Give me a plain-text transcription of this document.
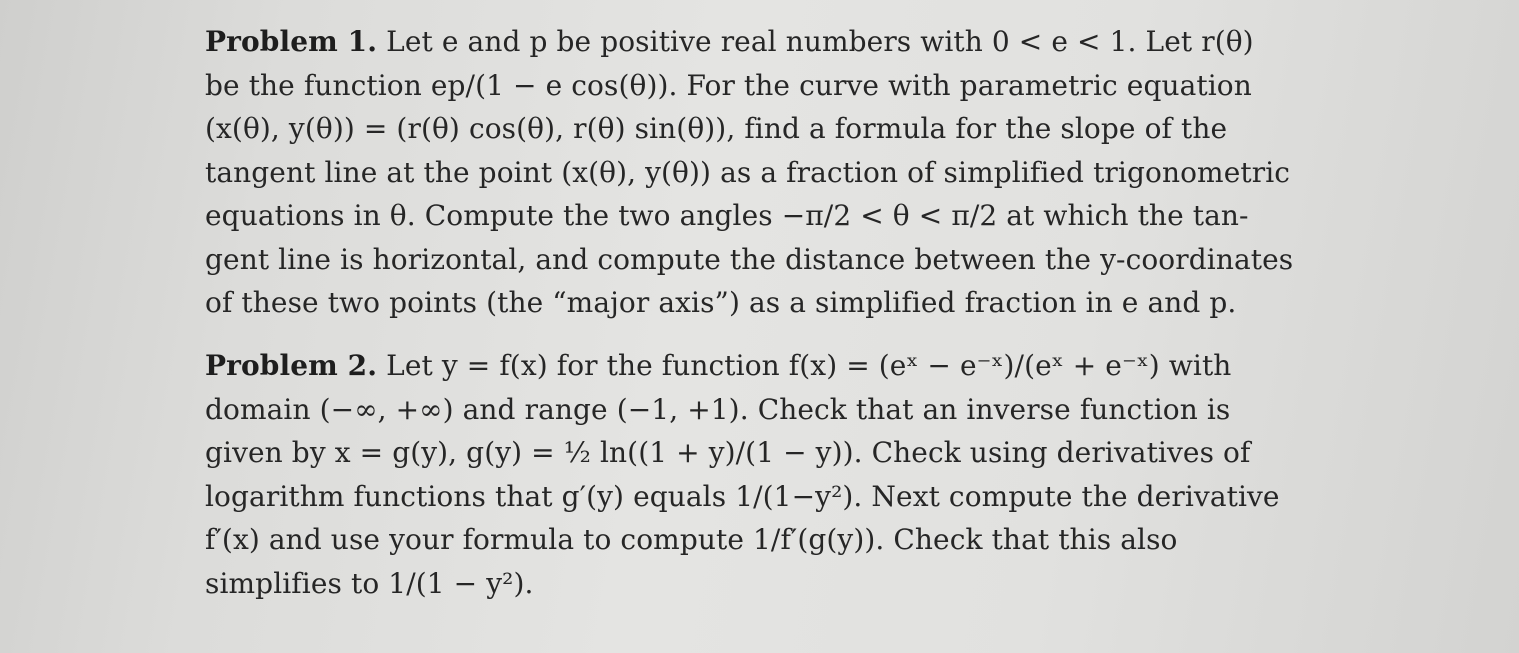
Problem 1. Let e and p be positive real numbers with 0 < e < 1. Let r(θ)
be the function ep/(1 − e cos(θ)). For the curve with parametric equation
(x(θ), y(θ)) = (r(θ) cos(θ), r(θ) sin(θ)), find a formula for the slope of the
tangent line at the point (x(θ), y(θ)) as a fraction of simplified trigonometric
equations in θ. Compute the two angles −π/2 < θ < π/2 at which the tan-
gent line is horizontal, and compute the distance between the y-coordinates
of these two points (the “major axis”) as a simplified fraction in e and p.
Problem 2. Let y = f(x) for the function f(x) = (eˣ − e⁻ˣ)/(eˣ + e⁻ˣ) with
domain (−∞, +∞) and range (−1, +1). Check that an inverse function is
given by x = g(y), g(y) = ½ ln((1 + y)/(1 − y)). Check using derivatives of
logarithm functions that g′(y) equals 1/(1−y²). Next compute the derivative
f′(x) and use your formula to compute 1/f′(g(y)). Check that this also
simplifies to 1/(1 − y²).
